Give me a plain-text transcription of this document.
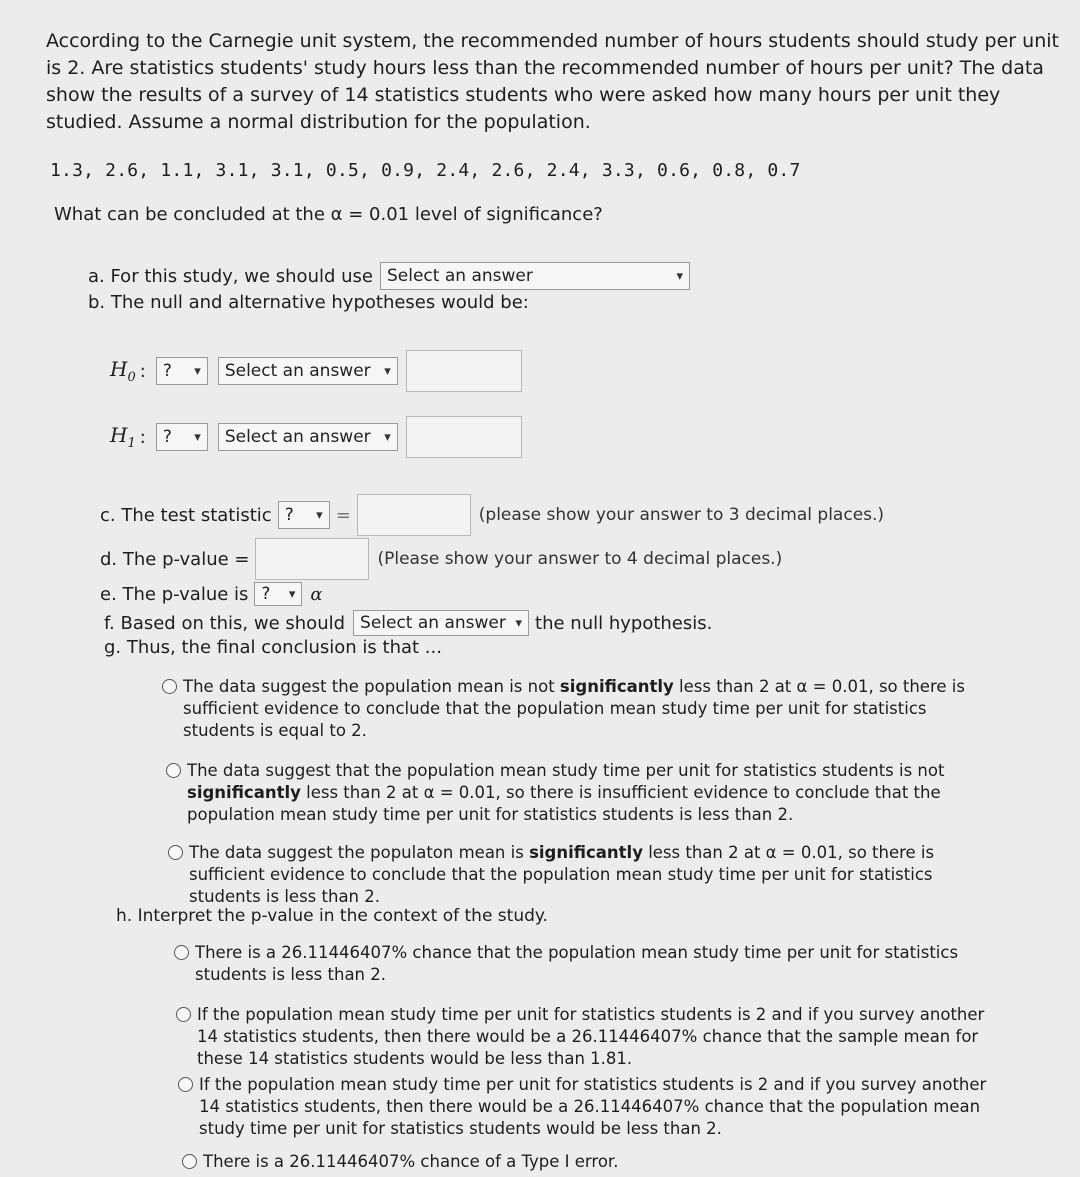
According to the Carnegie unit system, the recommended number of hours students should study per unit is 2. Are statistics students' study hours less than the recommended number of hours per unit? The data show the results of a survey of 14 statistics students who were asked how many hours per unit they studied. Assume a normal distribution for the population.
1.3, 2.6, 1.1, 3.1, 3.1, 0.5, 0.9, 2.4, 2.6, 2.4, 3.3, 0.6, 0.8, 0.7
What can be concluded at the α = 0.01 level of significance?
a. For this study, we should use Select an answer	▾
b. The null and alternative hypotheses would be:
$H_0$ : ? ▾ Select an answer ▾
$H_1$ : ? ▾ Select an answer ▾
c. The test statistic ? ▾ =	(please show your answer to 3 decimal places.)
d. The p-value =	(Please show your answer to 4 decimal places.)
e. The p-value is ? ▾ α
f. Based on this, we should Select an answer ▾ the null hypothesis.
g. Thus, the final conclusion is that ...
The data suggest the population mean is not significantly less than 2 at α = 0.01, so there is sufficient evidence to conclude that the population mean study time per unit for statistics students is equal to 2.
The data suggest that the population mean study time per unit for statistics students is not significantly less than 2 at α = 0.01, so there is insufficient evidence to conclude that the population mean study time per unit for statistics students is less than 2.
The data suggest the populaton mean is significantly less than 2 at α = 0.01, so there is sufficient evidence to conclude that the population mean study time per unit for statistics students is less than 2.
h. Interpret the p-value in the context of the study.
There is a 26.11446407% chance that the population mean study time per unit for statistics students is less than 2.
If the population mean study time per unit for statistics students is 2 and if you survey another 14 statistics students, then there would be a 26.11446407% chance that the sample mean for these 14 statistics students would be less than 1.81.
If the population mean study time per unit for statistics students is 2 and if you survey another 14 statistics students, then there would be a 26.11446407% chance that the population mean study time per unit for statistics students would be less than 2.
There is a 26.11446407% chance of a Type I error.
